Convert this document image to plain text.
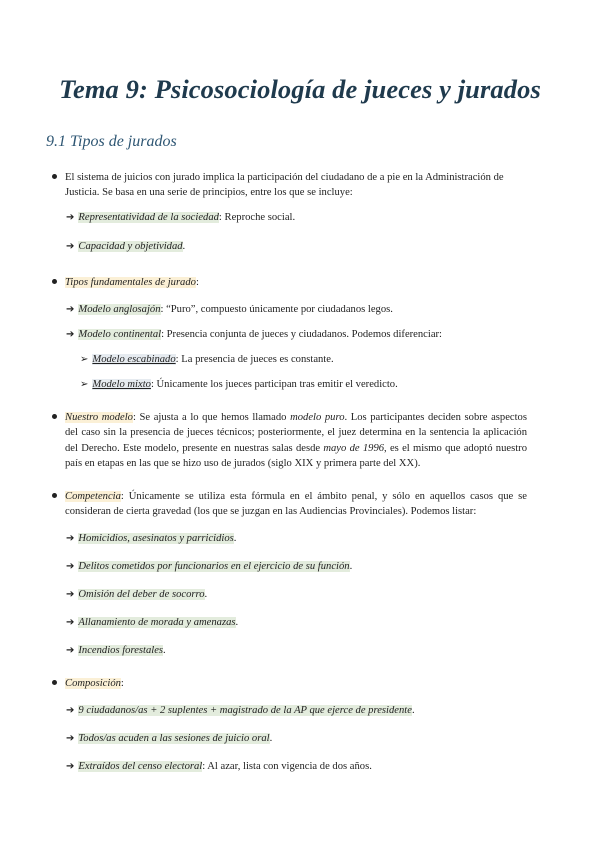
Tema 9: Psicosociología de jueces y jurados
9.1 Tipos de jurados
El sistema de juicios con jurado implica la participación del ciudadano de a pie en la Administración de Justicia. Se basa en una serie de principios, entre los que se incluye:
➔ Representatividad de la sociedad: Reproche social.
➔ Capacidad y objetividad.
Tipos fundamentales de jurado:
➔ Modelo anglosajón: “Puro”, compuesto únicamente por ciudadanos legos.
➔ Modelo continental: Presencia conjunta de jueces y ciudadanos. Podemos diferenciar:
➢ Modelo escabinado: La presencia de jueces es constante.
➢ Modelo mixto: Únicamente los jueces participan tras emitir el veredicto.
Nuestro modelo: Se ajusta a lo que hemos llamado modelo puro. Los participantes deciden sobre aspectos del caso sin la presencia de jueces técnicos; posteriormente, el juez determina en la sentencia la aplicación del Derecho. Este modelo, presente en nuestras salas desde mayo de 1996, es el mismo que adoptó nuestro país en etapas en las que se hizo uso de jurados (siglo XIX y primera parte del XX).
Competencia: Únicamente se utiliza esta fórmula en el ámbito penal, y sólo en aquellos casos que se consideran de cierta gravedad (los que se juzgan en las Audiencias Provinciales). Podemos listar:
➔ Homicidios, asesinatos y parricidios.
➔ Delitos cometidos por funcionarios en el ejercicio de su función.
➔ Omisión del deber de socorro.
➔ Allanamiento de morada y amenazas.
➔ Incendios forestales.
Composición:
➔ 9 ciudadanos/as + 2 suplentes + magistrado de la AP que ejerce de presidente.
➔ Todos/as acuden a las sesiones de juicio oral.
➔ Extraídos del censo electoral: Al azar, lista con vigencia de dos años.
